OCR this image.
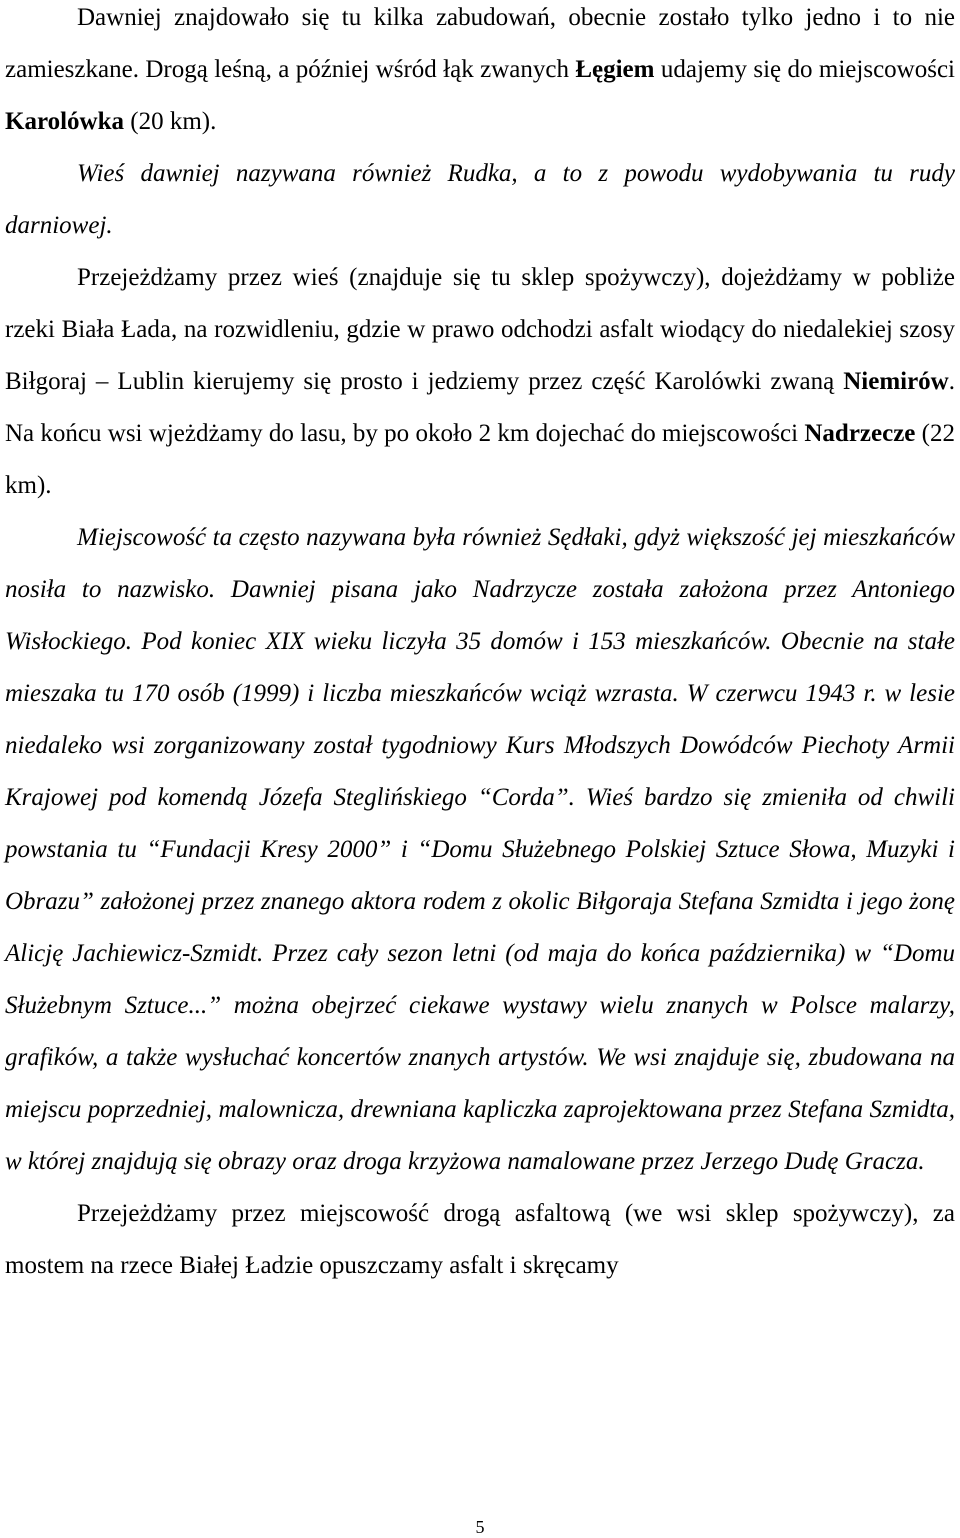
Dawniej znajdowało się tu kilka zabudowań, obecnie zostało tylko jedno i to nie zamieszkane. Drogą leśną, a później wśród łąk zwanych Łęgiem udajemy się do miejscowości Karolówka (20 km).

Wieś dawniej nazywana również Rudka, a to z powodu wydobywania tu rudy darniowej.

Przejeżdżamy przez wieś (znajduje się tu sklep spożywczy), dojeżdżamy w pobliże rzeki Biała Łada, na rozwidleniu, gdzie w prawo odchodzi asfalt wiodący do niedalekiej szosy Biłgoraj – Lublin kierujemy się prosto i jedziemy przez część Karolówki zwaną Niemirów. Na końcu wsi wjeżdżamy do lasu, by po około 2 km dojechać do miejscowości Nadrzecze (22 km).

Miejscowość ta często nazywana była również Sędłaki, gdyż większość jej mieszkańców nosiła to nazwisko. Dawniej pisana jako Nadrzycze została założona przez Antoniego Wisłockiego. Pod koniec XIX wieku liczyła 35 domów i 153 mieszkańców. Obecnie na stałe mieszaka tu 170 osób (1999) i liczba mieszkańców wciąż wzrasta. W czerwcu 1943 r. w lesie niedaleko wsi zorganizowany został tygodniowy Kurs Młodszych Dowódców Piechoty Armii Krajowej pod komendą Józefa Steglińskiego “Corda”. Wieś bardzo się zmieniła od chwili powstania tu “Fundacji Kresy 2000” i “Domu Służebnego Polskiej Sztuce Słowa, Muzyki i Obrazu” założonej przez znanego aktora rodem z okolic Biłgoraja Stefana Szmidta i jego żonę Alicję Jachiewicz-Szmidt. Przez cały sezon letni (od maja do końca października) w “Domu Służebnym Sztuce...” można obejrzeć ciekawe wystawy wielu znanych w Polsce malarzy, grafików, a także wysłuchać koncertów znanych artystów. We wsi znajduje się, zbudowana na miejscu poprzedniej, malownicza, drewniana kapliczka zaprojektowana przez Stefana Szmidta, w której znajdują się obrazy oraz droga krzyżowa namalowane przez Jerzego Dudę Gracza.

Przejeżdżamy przez miejscowość drogą asfaltową (we wsi sklep spożywczy), za mostem na rzece Białej Ładzie opuszczamy asfalt i skręcamy

5
